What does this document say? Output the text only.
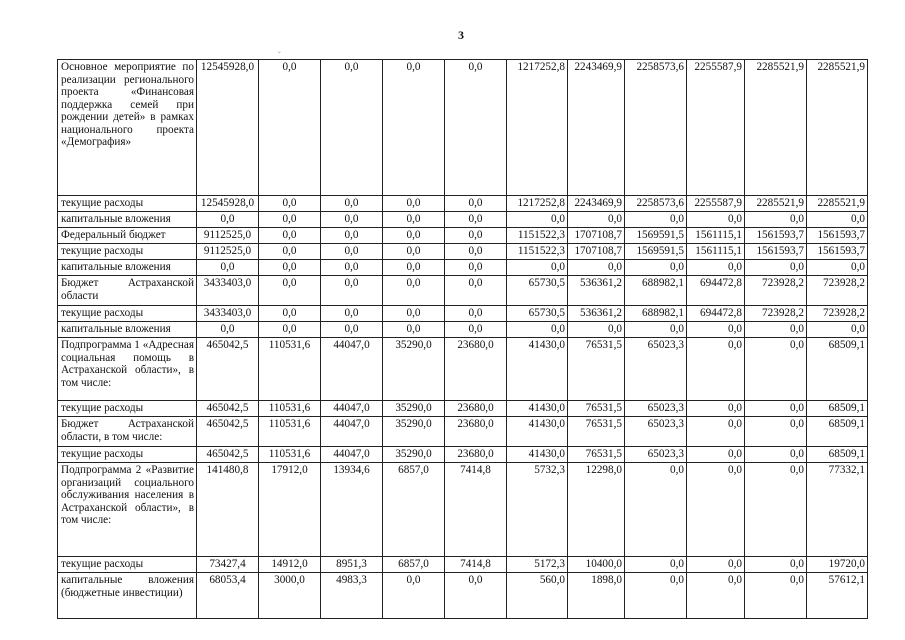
3
˘
Основное мероприятие по реализации регионального проекта «Финансовая поддержка семей при рождении детей» в рамках национального проекта «Демография»	12545928,0	0,0	0,0	0,0	0,0	1217252,8	2243469,9	2258573,6	2255587,9	2285521,9	2285521,9
текущие расходы	12545928,0	0,0	0,0	0,0	0,0	1217252,8	2243469,9	2258573,6	2255587,9	2285521,9	2285521,9
капитальные вложения	0,0	0,0	0,0	0,0	0,0	0,0	0,0	0,0	0,0	0,0	0,0
Федеральный бюджет	9112525,0	0,0	0,0	0,0	0,0	1151522,3	1707108,7	1569591,5	1561115,1	1561593,7	1561593,7
текущие расходы	9112525,0	0,0	0,0	0,0	0,0	1151522,3	1707108,7	1569591,5	1561115,1	1561593,7	1561593,7
капитальные вложения	0,0	0,0	0,0	0,0	0,0	0,0	0,0	0,0	0,0	0,0	0,0
Бюджет Астраханской области	3433403,0	0,0	0,0	0,0	0,0	65730,5	536361,2	688982,1	694472,8	723928,2	723928,2
текущие расходы	3433403,0	0,0	0,0	0,0	0,0	65730,5	536361,2	688982,1	694472,8	723928,2	723928,2
капитальные вложения	0,0	0,0	0,0	0,0	0,0	0,0	0,0	0,0	0,0	0,0	0,0
Подпрограмма 1 «Адресная социальная помощь в Астраханской области», в том числе:	465042,5	110531,6	44047,0	35290,0	23680,0	41430,0	76531,5	65023,3	0,0	0,0	68509,1
текущие расходы	465042,5	110531,6	44047,0	35290,0	23680,0	41430,0	76531,5	65023,3	0,0	0,0	68509,1
Бюджет Астраханской области, в том числе:	465042,5	110531,6	44047,0	35290,0	23680,0	41430,0	76531,5	65023,3	0,0	0,0	68509,1
текущие расходы	465042,5	110531,6	44047,0	35290,0	23680,0	41430,0	76531,5	65023,3	0,0	0,0	68509,1
Подпрограмма 2 «Развитие организаций социального обслуживания населения в Астраханской области», в том числе:	141480,8	17912,0	13934,6	6857,0	7414,8	5732,3	12298,0	0,0	0,0	0,0	77332,1
текущие расходы	73427,4	14912,0	8951,3	6857,0	7414,8	5172,3	10400,0	0,0	0,0	0,0	19720,0
капитальные вложения (бюджетные инвестиции)	68053,4	3000,0	4983,3	0,0	0,0	560,0	1898,0	0,0	0,0	0,0	57612,1
